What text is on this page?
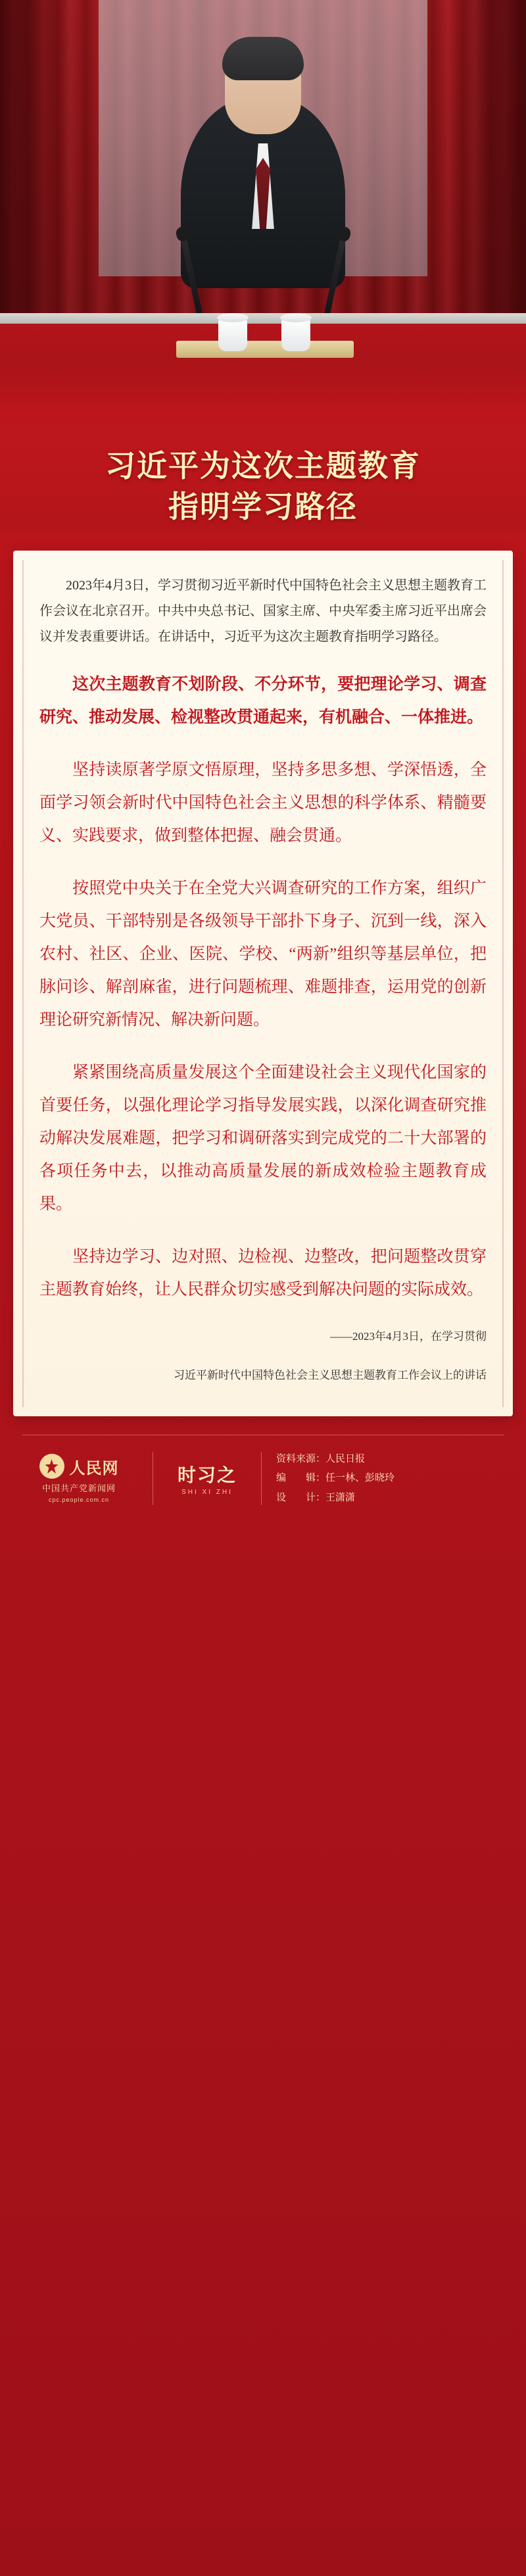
习近平为这次主题教育
指明学习路径

2023年4月3日，学习贯彻习近平新时代中国特色社会主义思想主题教育工作会议在北京召开。中共中央总书记、国家主席、中央军委主席习近平出席会议并发表重要讲话。在讲话中，习近平为这次主题教育指明学习路径。

这次主题教育不划阶段、不分环节，要把理论学习、调查研究、推动发展、检视整改贯通起来，有机融合、一体推进。

坚持读原著学原文悟原理，坚持多思多想、学深悟透，全面学习领会新时代中国特色社会主义思想的科学体系、精髓要义、实践要求，做到整体把握、融会贯通。

按照党中央关于在全党大兴调查研究的工作方案，组织广大党员、干部特别是各级领导干部扑下身子、沉到一线，深入农村、社区、企业、医院、学校、“两新”组织等基层单位，把脉问诊、解剖麻雀，进行问题梳理、难题排查，运用党的创新理论研究新情况、解决新问题。

紧紧围绕高质量发展这个全面建设社会主义现代化国家的首要任务，以强化理论学习指导发展实践，以深化调查研究推动解决发展难题，把学习和调研落实到完成党的二十大部署的各项任务中去，以推动高质量发展的新成效检验主题教育成果。

坚持边学习、边对照、边检视、边整改，把问题整改贯穿主题教育始终，让人民群众切实感受到解决问题的实际成效。

——2023年4月3日，在学习贯彻

习近平新时代中国特色社会主义思想主题教育工作会议上的讲话

人民网
中国共产党新闻网
cpc.people.com.cn
时习之
SHI XI ZHI
资料来源：人民日报
编　　辑：任一林、彭晓玲
设　　计：王潇潇
